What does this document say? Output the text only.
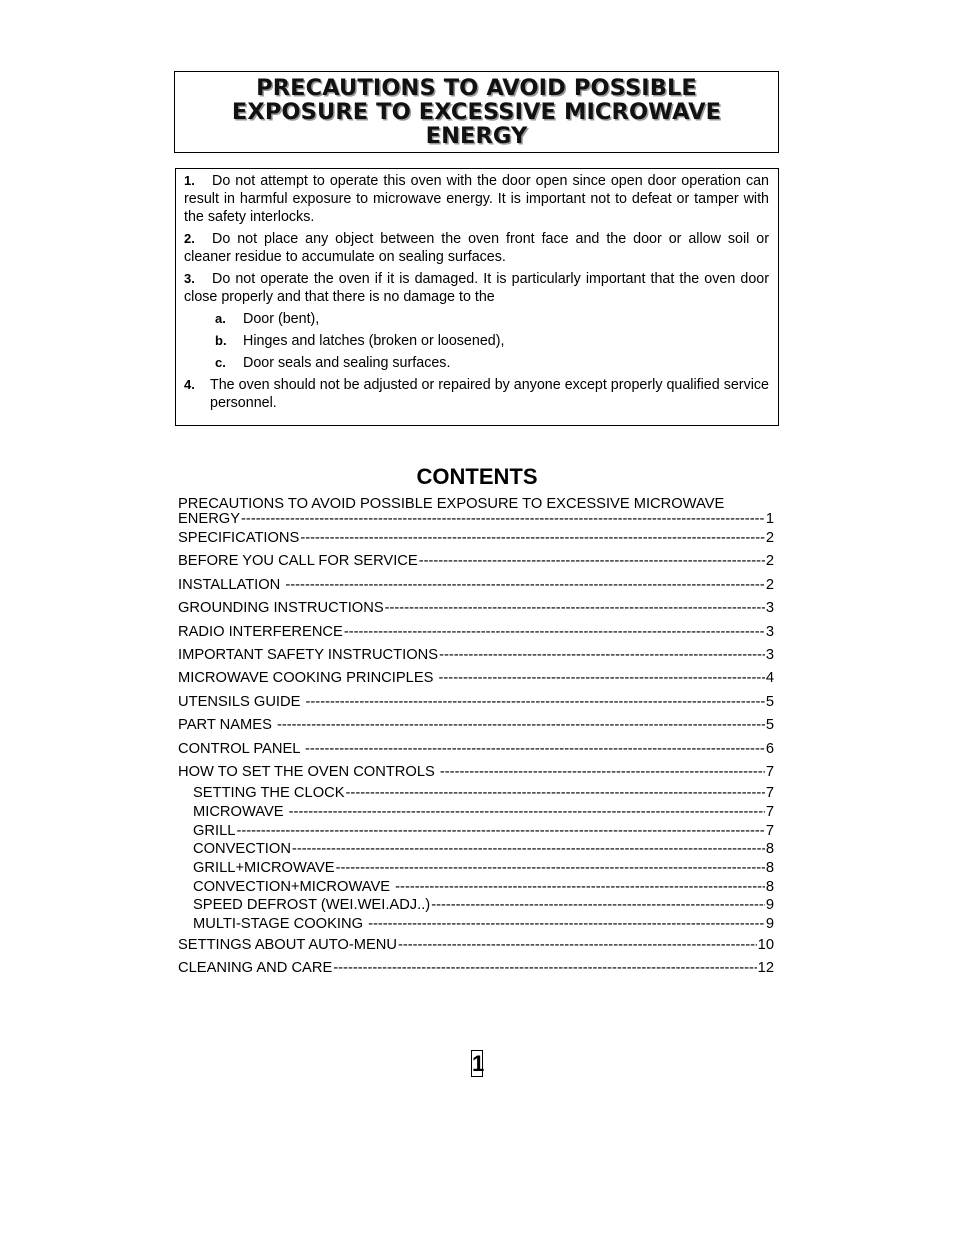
PRECAUTIONS TO AVOID POSSIBLE
EXPOSURE TO EXCESSIVE MICROWAVE
ENERGY
1. Do not attempt to operate this oven with the door open since open door operation can result in harmful exposure to microwave energy. It is important not to defeat or tamper with the safety interlocks.
2. Do not place any object between the oven front face and the door or allow soil or cleaner residue to accumulate on sealing surfaces.
3. Do not operate the oven if it is damaged. It is particularly important that the oven door close properly and that there is no damage to the
a. Door (bent),
b. Hinges and latches (broken or loosened),
c. Door seals and sealing surfaces.
4. The oven should not be adjusted or repaired by anyone except properly qualified service personnel.
CONTENTS
PRECAUTIONS TO AVOID POSSIBLE EXPOSURE TO EXCESSIVE MICROWAVE
ENERGY -----	1
SPECIFICATIONS -----	2
BEFORE YOU CALL FOR SERVICE -----	2
INSTALLATION -----	2
GROUNDING INSTRUCTIONS -----	3
RADIO INTERFERENCE -----	3
IMPORTANT SAFETY INSTRUCTIONS -----	3
MICROWAVE COOKING PRINCIPLES -----	4
UTENSILS GUIDE -----	5
PART NAMES -----	5
CONTROL PANEL -----	6
HOW TO SET THE OVEN CONTROLS -----	7
SETTING THE CLOCK -----	7
MICROWAVE -----	7
GRILL -----	7
CONVECTION -----	8
GRILL+MICROWAVE -----	8
CONVECTION+MICROWAVE -----	8
SPEED DEFROST (WEI.WEI.ADJ..) -----	9
MULTI-STAGE COOKING -----	9
SETTINGS ABOUT AUTO-MENU -----	10
CLEANING AND CARE -----	12
1
